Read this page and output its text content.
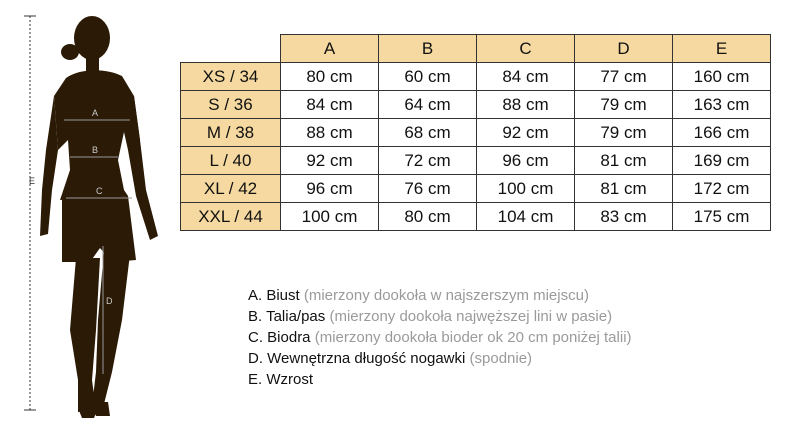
A
B
C
D
E
	A	B	C	D	E
XS / 34	80 cm	60 cm	84 cm	77 cm	160 cm
S / 36	84 cm	64 cm	88 cm	79 cm	163 cm
M / 38	88 cm	68 cm	92 cm	79 cm	166 cm
L / 40	92 cm	72 cm	96 cm	81 cm	169 cm
XL / 42	96 cm	76 cm	100 cm	81 cm	172 cm
XXL / 44	100 cm	80 cm	104 cm	83 cm	175 cm
A. Biust (mierzony dookoła w najszerszym miejscu)
B. Talia/pas (mierzony dookoła najwęższej lini w pasie)
C. Biodra (mierzony dookoła bioder ok 20 cm poniżej talii)
D. Wewnętrzna długość nogawki (spodnie)
E. Wzrost
